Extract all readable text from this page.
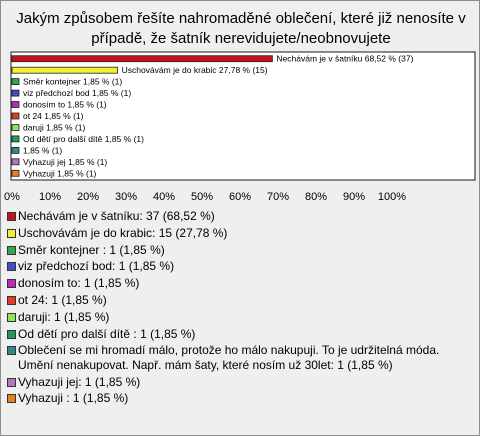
Jakým způsobem řešíte nahromaděné oblečení, které již nenosíte v případě, že šatník nerevidujete/neobnovujete
Nechávám je v šatníku 68,52 % (37)
Uschovávám je do krabic 27,78 % (15)
Směr kontejner 1,85 % (1)
viz předchozí bod 1,85 % (1)
donosím to 1,85 % (1)
ot 24 1,85 % (1)
daruji 1,85 % (1)
Od dětí pro další dítě 1,85 % (1)
1,85 % (1)
Vyhazuji jej 1,85 % (1)
Vyhazuji 1,85 % (1)
0% 10% 20% 30% 40% 50% 60% 70% 80% 90% 100%
Nechávám je v šatníku: 37 (68,52 %)
Uschovávám je do krabic: 15 (27,78 %)
Směr kontejner : 1 (1,85 %)
viz předchozí bod: 1 (1,85 %)
donosím to: 1 (1,85 %)
ot 24: 1 (1,85 %)
daruji: 1 (1,85 %)
Od dětí pro další dítě : 1 (1,85 %)
Oblečení se mi hromadí málo, protože ho málo nakupuji. To je udržitelná móda. Umění nenakupovat. Např. mám šaty, které nosím už 30let: 1 (1,85 %)
Vyhazuji jej: 1 (1,85 %)
Vyhazuji : 1 (1,85 %)
